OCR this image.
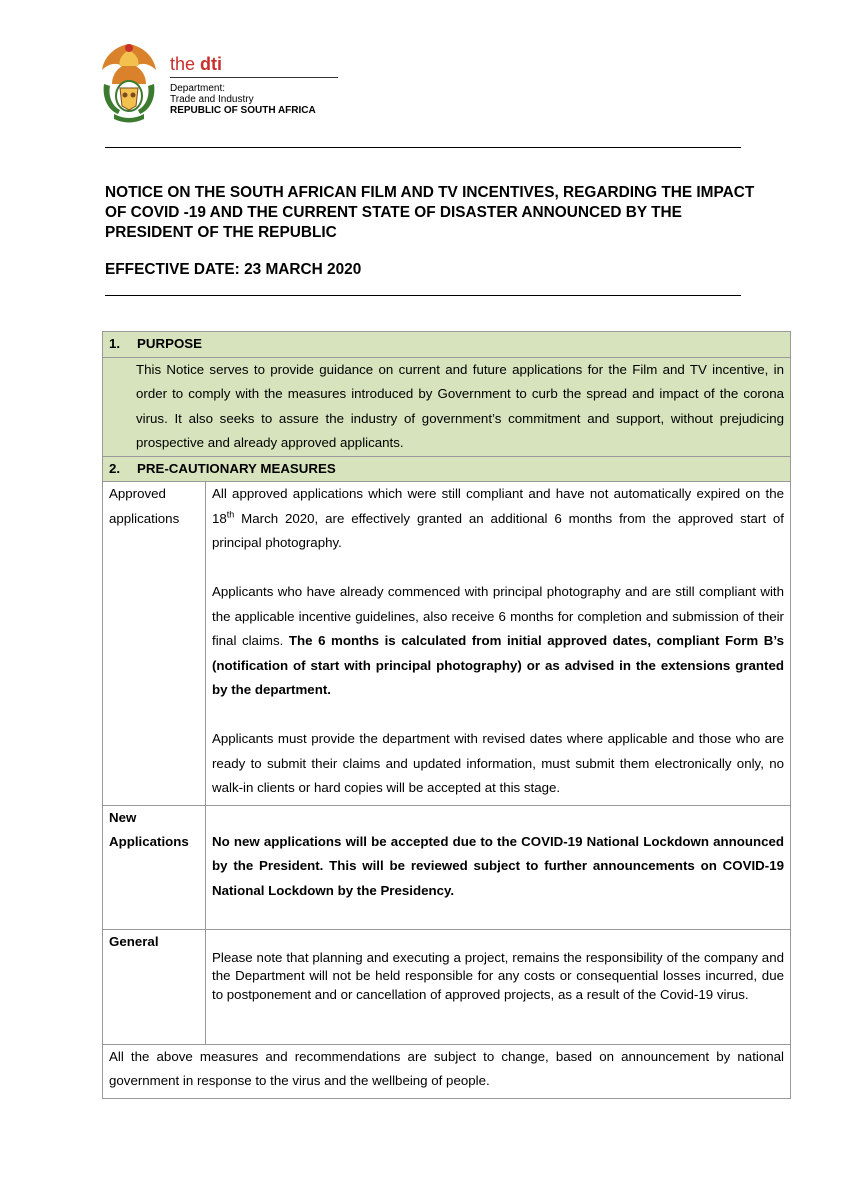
the dti
Department:
Trade and Industry
REPUBLIC OF SOUTH AFRICA
NOTICE ON THE SOUTH AFRICAN FILM AND TV INCENTIVES, REGARDING THE IMPACT OF COVID -19 AND THE CURRENT STATE OF DISASTER ANNOUNCED BY THE PRESIDENT OF THE REPUBLIC
EFFECTIVE DATE: 23 MARCH 2020
1. PURPOSE	
This Notice serves to provide guidance on current and future applications for the Film and TV incentive, in order to comply with the measures introduced by Government to curb the spread and impact of the corona virus. It also seeks to assure the industry of government’s commitment and support, without prejudicing prospective and already approved applicants.	
2. PRE-CAUTIONARY MEASURES	
Approved applications	All approved applications which were still compliant and have not automatically expired on the 18th March 2020, are effectively granted an additional 6 months from the approved start of principal photography.

Applicants who have already commenced with principal photography and are still compliant with the applicable incentive guidelines, also receive 6 months for completion and submission of their final claims. The 6 months is calculated from initial approved dates, compliant Form B’s (notification of start with principal photography) or as advised in the extensions granted by the department.

Applicants must provide the department with revised dates where applicable and those who are ready to submit their claims and updated information, must submit them electronically only, no walk-in clients or hard copies will be accepted at this stage.

New
Applications	No new applications will be accepted due to the COVID-19 National Lockdown announced by the President. This will be reviewed subject to further announcements on COVID-19 National Lockdown by the Presidency.

General	Please note that planning and executing a project, remains the responsibility of the company and the Department will not be held responsible for any costs or consequential losses incurred, due to postponement and or cancellation of approved projects, as a result of the Covid-19 virus.

All the above measures and recommendations are subject to change, based on announcement by national government in response to the virus and the wellbeing of people.	
